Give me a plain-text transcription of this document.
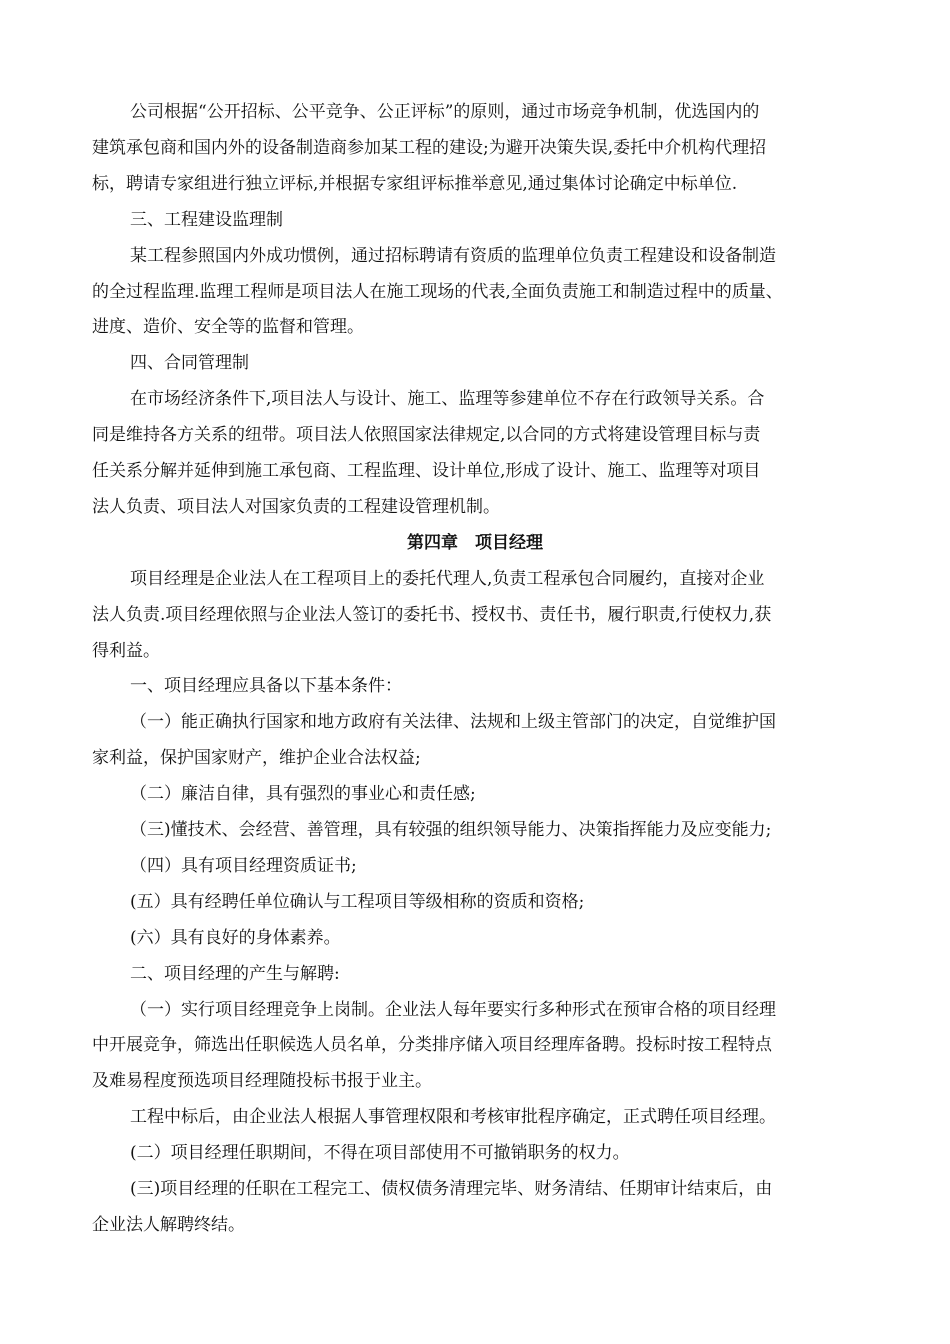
公司根据“公开招标、公平竞争、公正评标”的原则，通过市场竞争机制，优选国内的
建筑承包商和国内外的设备制造商参加某工程的建设;为避开决策失误,委托中介机构代理招
标，聘请专家组进行独立评标,并根据专家组评标推举意见,通过集体讨论确定中标单位.
三、工程建设监理制
某工程参照国内外成功惯例，通过招标聘请有资质的监理单位负责工程建设和设备制造
的全过程监理.监理工程师是项目法人在施工现场的代表,全面负责施工和制造过程中的质量、
进度、造价、安全等的监督和管理。
四、合同管理制
在市场经济条件下,项目法人与设计、施工、监理等参建单位不存在行政领导关系。合
同是维持各方关系的纽带。项目法人依照国家法律规定,以合同的方式将建设管理目标与责
任关系分解并延伸到施工承包商、工程监理、设计单位,形成了设计、施工、监理等对项目
法人负责、项目法人对国家负责的工程建设管理机制。
第四章　项目经理
项目经理是企业法人在工程项目上的委托代理人,负责工程承包合同履约，直接对企业
法人负责.项目经理依照与企业法人签订的委托书、授权书、责任书，履行职责,行使权力,获
得利益。
一、项目经理应具备以下基本条件：
（一）能正确执行国家和地方政府有关法律、法规和上级主管部门的决定，自觉维护国
家利益，保护国家财产，维护企业合法权益;
（二）廉洁自律，具有强烈的事业心和责任感;
（三)懂技术、会经营、善管理，具有较强的组织领导能力、决策指挥能力及应变能力;
（四）具有项目经理资质证书;
(五）具有经聘任单位确认与工程项目等级相称的资质和资格;
(六）具有良好的身体素养。
二、项目经理的产生与解聘:
（一）实行项目经理竞争上岗制。企业法人每年要实行多种形式在预审合格的项目经理
中开展竞争，筛选出任职候选人员名单，分类排序储入项目经理库备聘。投标时按工程特点
及难易程度预选项目经理随投标书报于业主。
工程中标后，由企业法人根据人事管理权限和考核审批程序确定，正式聘任项目经理。
(二）项目经理任职期间，不得在项目部使用不可撤销职务的权力。
(三)项目经理的任职在工程完工、债权债务清理完毕、财务清结、任期审计结束后，由
企业法人解聘终结。
